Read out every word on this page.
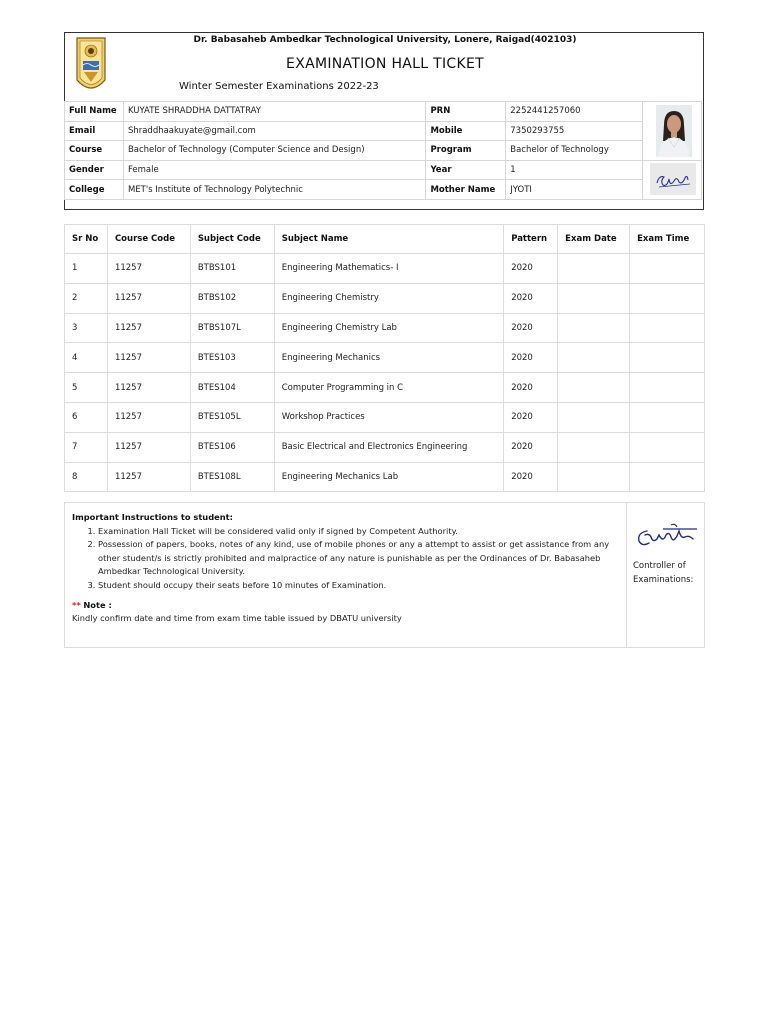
Dr. Babasaheb Ambedkar Technological University, Lonere, Raigad(402103)
EXAMINATION HALL TICKET
Winter Semester Examinations 2022-23
Full Name	KUYATE SHRADDHA DATTATRAY	PRN	2252441257060	
Email	Shraddhaakuyate@gmail.com	Mobile	7350293755	
Course	Bachelor of Technology (Computer Science and Design)	Program	Bachelor of Technology	
Gender	Female	Year	1	
College	MET's Institute of Technology Polytechnic	Mother Name	JYOTI	
Sr No	Course Code	Subject Code	Subject Name	Pattern	Exam Date	Exam Time
1	11257	BTBS101	Engineering Mathematics- I	2020		
2	11257	BTBS102	Engineering Chemistry	2020		
3	11257	BTBS107L	Engineering Chemistry Lab	2020		
4	11257	BTES103	Engineering Mechanics	2020		
5	11257	BTES104	Computer Programming in C	2020		
6	11257	BTES105L	Workshop Practices	2020		
7	11257	BTES106	Basic Electrical and Electronics Engineering	2020		
8	11257	BTES108L	Engineering Mechanics Lab	2020		
Important Instructions to student:
1. Examination Hall Ticket will be considered valid only if signed by Competent Authority.
2. Possession of papers, books, notes of any kind, use of mobile phones or any a attempt to assist or get assistance from any other student/s is strictly prohibited and malpractice of any nature is punishable as per the Ordinances of Dr. Babasaheb Ambedkar Technological University.
3. Student should occupy their seats before 10 minutes of Examination.
** Note :
Kindly confirm date and time from exam time table issued by DBATU university
Controller of Examinations:
